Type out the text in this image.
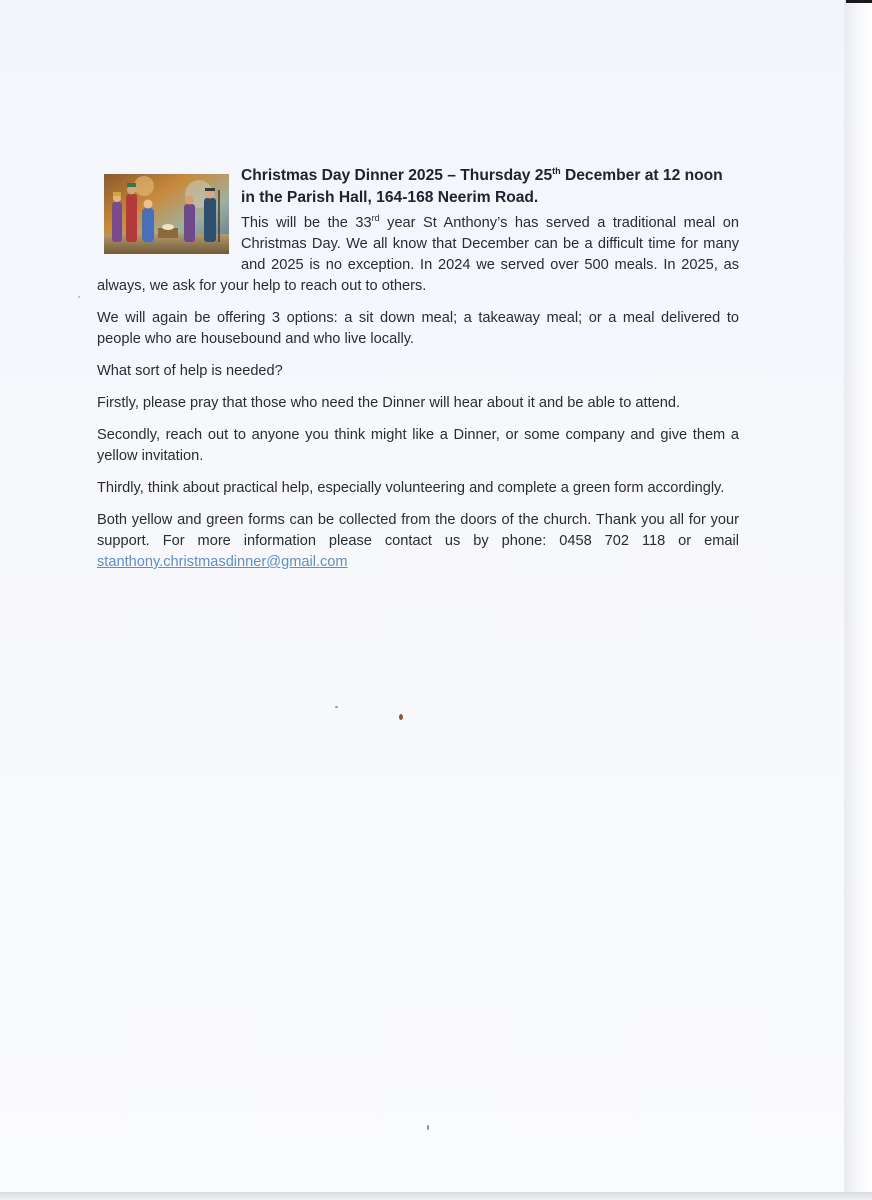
Christmas Day Dinner 2025 – Thursday 25th December at 12 noon
in the Parish Hall, 164-168 Neerim Road.

This will be the 33rd year St Anthony’s has served a traditional meal on Christmas Day. We all know that December can be a difficult time for many and 2025 is no exception. In 2024 we served over 500 meals. In 2025, as always, we ask for your help to reach out to others.

We will again be offering 3 options: a sit down meal; a takeaway meal; or a meal delivered to people who are housebound and who live locally.

What sort of help is needed?

Firstly, please pray that those who need the Dinner will hear about it and be able to attend.

Secondly, reach out to anyone you think might like a Dinner, or some company and give them a yellow invitation.

Thirdly, think about practical help, especially volunteering and complete a green form accordingly.

Both yellow and green forms can be collected from the doors of the church. Thank you all for your support. For more information please contact us by phone: 0458 702 118 or email stanthony.christmasdinner@gmail.com
